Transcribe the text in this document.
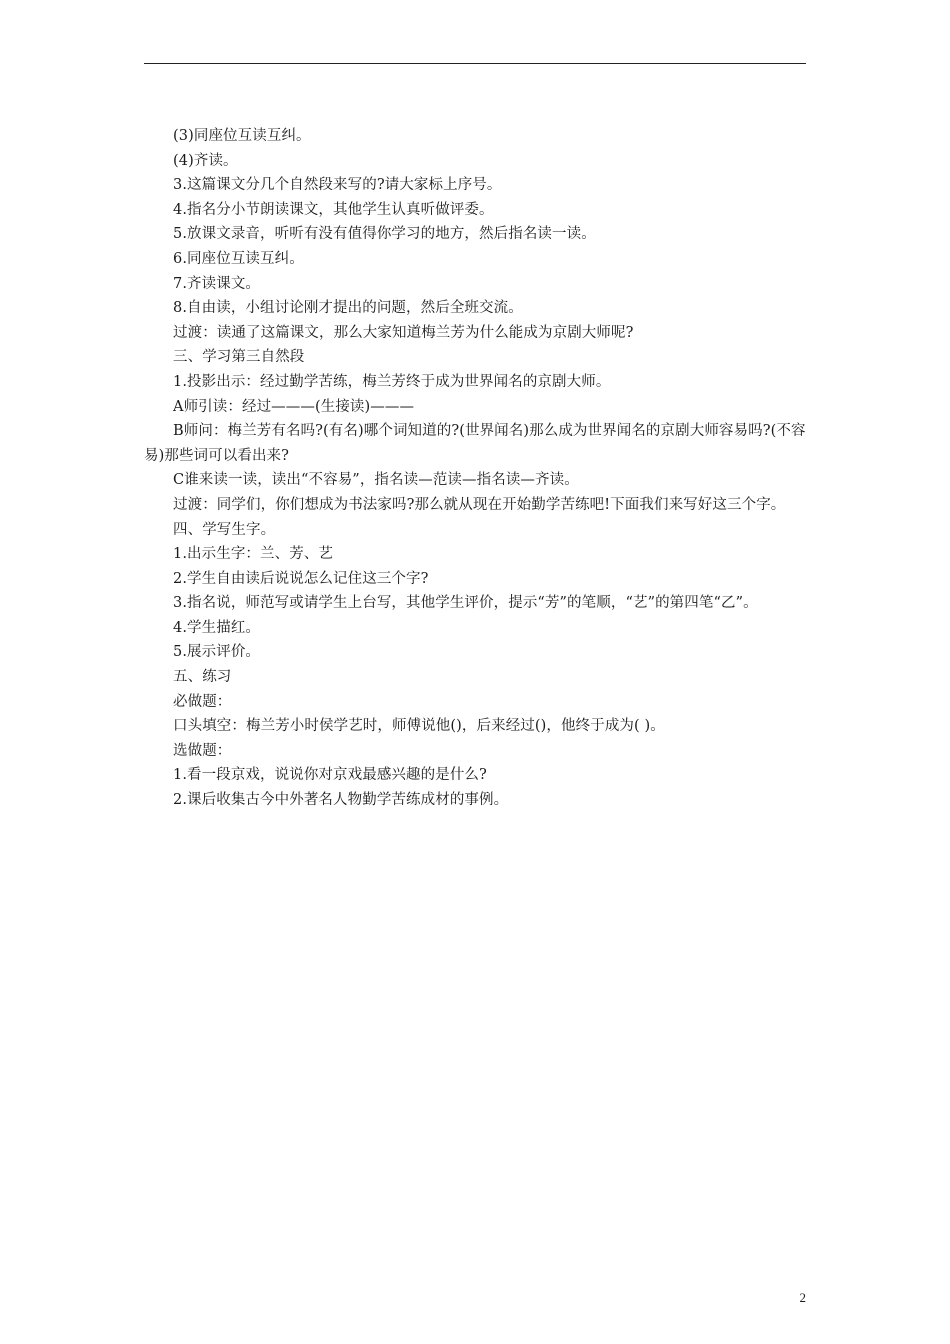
(3)同座位互读互纠。

(4)齐读。

3.这篇课文分几个自然段来写的?请大家标上序号。

4.指名分小节朗读课文，其他学生认真听做评委。

5.放课文录音，听听有没有值得你学习的地方，然后指名读一读。

6.同座位互读互纠。

7.齐读课文。

8.自由读，小组讨论刚才提出的问题，然后全班交流。

过渡：读通了这篇课文，那么大家知道梅兰芳为什么能成为京剧大师呢?

三、学习第三自然段

1.投影出示：经过勤学苦练，梅兰芳终于成为世界闻名的京剧大师。

A师引读：经过———(生接读)———

B师问：梅兰芳有名吗?(有名)哪个词知道的?(世界闻名)那么成为世界闻名的京剧大师容易吗?(不容易)那些词可以看出来?

C谁来读一读，读出“不容易”，指名读—范读—指名读—齐读。

过渡：同学们，你们想成为书法家吗?那么就从现在开始勤学苦练吧!下面我们来写好这三个字。

四、学写生字。

1.出示生字：兰、芳、艺

2.学生自由读后说说怎么记住这三个字?

3.指名说，师范写或请学生上台写，其他学生评价，提示“芳”的笔顺，“艺”的第四笔“乙”。

4.学生描红。

5.展示评价。

五、练习

必做题：

口头填空：梅兰芳小时侯学艺时，师傅说他()，后来经过()，他终于成为( )。

选做题：

1.看一段京戏，说说你对京戏最感兴趣的是什么?

2.课后收集古今中外著名人物勤学苦练成材的事例。

2
